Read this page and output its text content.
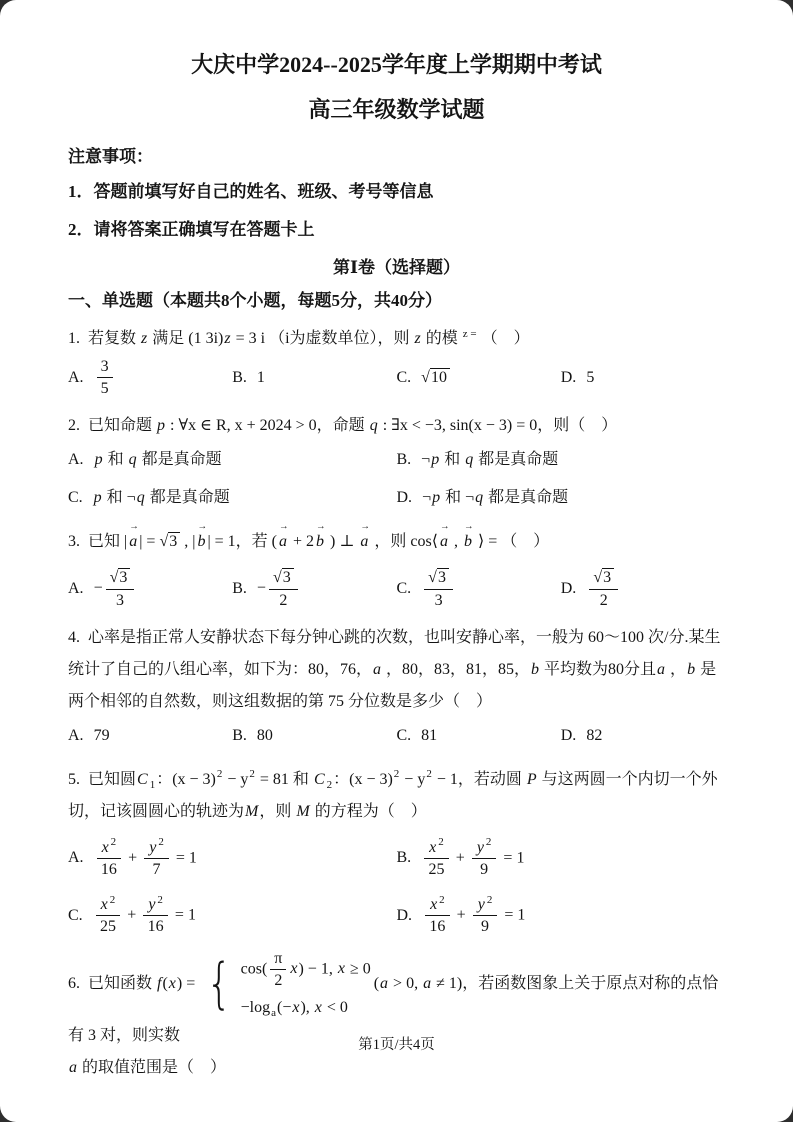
大庆中学2024--2025学年度上学期期中考试
高三年级数学试题
注意事项：
1．答题前填写好自己的姓名、班级、考号等信息
2．请将答案正确填写在答题卡上
第Ⅰ卷（选择题）
一、单选题（本题共8个小题，每题5分，共40分）
1. 若复数 z 满足 (1 3i)z = 3 i （i为虚数单位），则 z 的模 $^{z =}$ （　）
A. $\frac{3}{5}$	B. 1	C. √10	D. 5
2. 已知命题 p : ∀x ∈ R, x + 2024 > 0，命题 q : ∃x < −3, sin(x − 3) = 0，则（　）
A. p 和 q 都是真命题	B. ¬p 和 q 都是真命题
C. p 和 ¬q 都是真命题	D. ¬p 和 ¬q 都是真命题
3. 已知 | a → | = √3 , | b → | = 1，若 ( a → + 2 b → ) ⊥ a → ，则 cos⟨ a → , b → ⟩ = （　）
A. − $\frac{√3}{3}$	B. − $\frac{√3}{2}$	C. $\frac{√3}{3}$	D. $\frac{√3}{2}$
4. 心率是指正常人安静状态下每分钟心跳的次数，也叫安静心率，一般为 60～100 次/分.某生统计了自己的八组心率，如下为：80，76，a ，80，83，81，85，b 平均数为80分且a ，b 是两个相邻的自然数，则这组数据的第 75 分位数是多少（　）
A. 79	B. 80	C. 81	D. 82
5. 已知圆C $_1$：$(x - 3)^2 - y^2 = 81$ 和 C $_2$：$(x - 3)^2 - y^2 - 1$，若动圆 P 与这两圆一个内切一个外切，记该圆圆心的轨迹为M，则 M 的方程为（　）
A. $\frac{x ^2}{16} + \frac{y ^2}{7} = 1$	B. $\frac{x ^2}{25} + \frac{y ^2}{9} = 1$
C. $\frac{x ^2}{25} + \frac{y ^2}{16} = 1$	D. $\frac{x ^2}{16} + \frac{y ^2}{9} = 1$
6. 已知函数 f(x) = { $\cos( \frac{\pi}{2} x) - 1$, x ≥ 0
$-\log_a(-x)$, x < 0
(a > 0, a ≠ 1)，若函数图象上关于原点对称的点恰有 3 对，则实数
a 的取值范围是（　）
第1页/共4页
